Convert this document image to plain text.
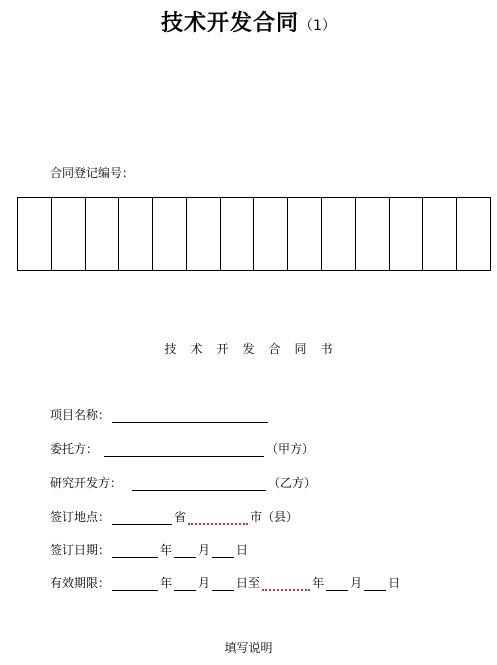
技术开发合同（1）
合同登记编号：
技术开发合同书
项目名称：
委托方：	（甲方）
研究开发方：	（乙方）
签订地点：	省	市（县）
签订日期：	年 月 日
有效期限：	年 月 日至	年 月 日
填写说明
